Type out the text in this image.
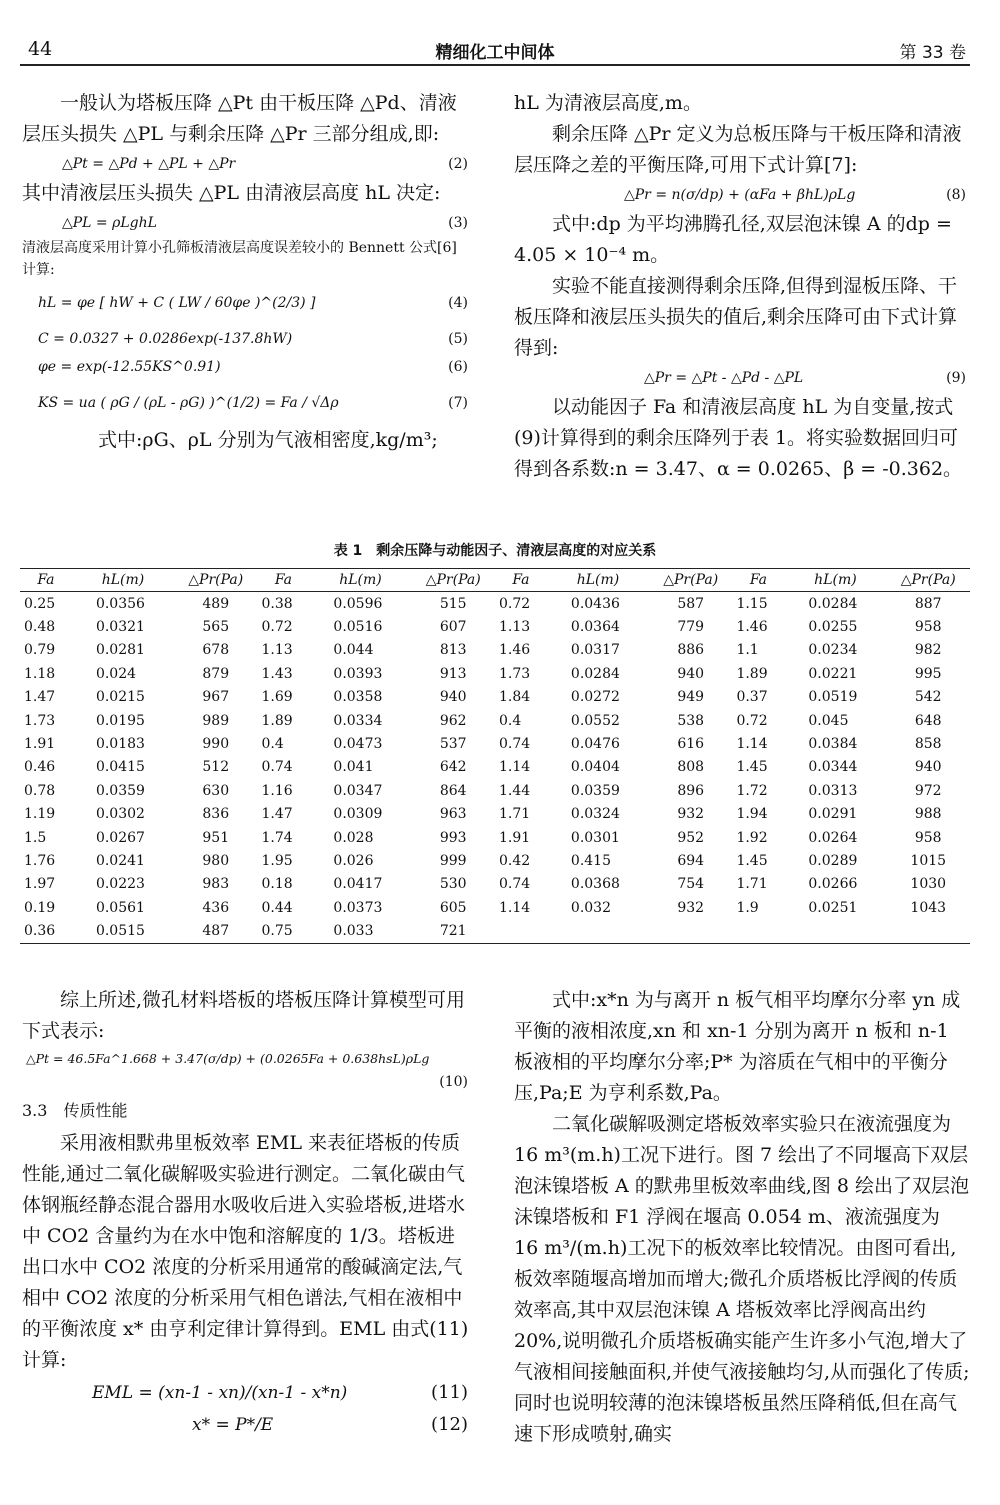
44	精细化工中间体	第 33 卷

一般认为塔板压降 △Pt 由干板压降 △Pd、清液层压头损失 △PL 与剩余压降 △Pr 三部分组成,即:

△Pt = △Pd + △PL + △Pr	(2)

其中清液层压头损失 △PL 由清液层高度 hL 决定:

△PL = ρLghL	(3)

清液层高度采用计算小孔筛板清液层高度误差较小的 Bennett 公式[6] 计算:

hL = φe [ hW + C ( LW / 60φe )^(2/3) ]	(4)
C = 0.0327 + 0.0286exp(-137.8hW)	(5)
φe = exp(-12.55KS^0.91)	(6)
KS = ua ( ρG / (ρL - ρG) )^(1/2) = Fa / √Δρ	(7)

式中:ρG、ρL 分别为气液相密度,kg/m³;

hL 为清液层高度,m。

剩余压降 △Pr 定义为总板压降与干板压降和清液层压降之差的平衡压降,可用下式计算[7]:

△Pr = n(σ/dp) + (αFa + βhL)ρLg	(8)

式中:dp 为平均沸腾孔径,双层泡沫镍 A 的dp = 4.05 × 10⁻⁴ m。

实验不能直接测得剩余压降,但得到湿板压降、干板压降和液层压头损失的值后,剩余压降可由下式计算得到:

△Pr = △Pt - △Pd - △PL	(9)

以动能因子 Fa 和清液层高度 hL 为自变量,按式(9)计算得到的剩余压降列于表 1。将实验数据回归可得到各系数:n = 3.47、α = 0.0265、β = -0.362。

表 1　剩余压降与动能因子、清液层高度的对应关系
Fa	hL(m)	△Pr(Pa)	Fa	hL(m)	△Pr(Pa)	Fa	hL(m)	△Pr(Pa)	Fa	hL(m)	△Pr(Pa)
0.25	0.0356	489	0.38	0.0596	515	0.72	0.0436	587	1.15	0.0284	887
0.48	0.0321	565	0.72	0.0516	607	1.13	0.0364	779	1.46	0.0255	958
0.79	0.0281	678	1.13	0.044	813	1.46	0.0317	886	1.1	0.0234	982
1.18	0.024	879	1.43	0.0393	913	1.73	0.0284	940	1.89	0.0221	995
1.47	0.0215	967	1.69	0.0358	940	1.84	0.0272	949	0.37	0.0519	542
1.73	0.0195	989	1.89	0.0334	962	0.4	0.0552	538	0.72	0.045	648
1.91	0.0183	990	0.4	0.0473	537	0.74	0.0476	616	1.14	0.0384	858
0.46	0.0415	512	0.74	0.041	642	1.14	0.0404	808	1.45	0.0344	940
0.78	0.0359	630	1.16	0.0347	864	1.44	0.0359	896	1.72	0.0313	972
1.19	0.0302	836	1.47	0.0309	963	1.71	0.0324	932	1.94	0.0291	988
1.5	0.0267	951	1.74	0.028	993	1.91	0.0301	952	1.92	0.0264	958
1.76	0.0241	980	1.95	0.026	999	0.42	0.415	694	1.45	0.0289	1015
1.97	0.0223	983	0.18	0.0417	530	0.74	0.0368	754	1.71	0.0266	1030
0.19	0.0561	436	0.44	0.0373	605	1.14	0.032	932	1.9	0.0251	1043
0.36	0.0515	487	0.75	0.033	721						

综上所述,微孔材料塔板的塔板压降计算模型可用下式表示:

△Pt = 46.5Fa^1.668 + 3.47(σ/dp) + (0.0265Fa + 0.638hsL)ρLg
(10)

3.3　传质性能

采用液相默弗里板效率 EML 来表征塔板的传质性能,通过二氧化碳解吸实验进行测定。二氧化碳由气体钢瓶经静态混合器用水吸收后进入实验塔板,进塔水中 CO2 含量约为在水中饱和溶解度的 1/3。塔板进出口水中 CO2 浓度的分析采用通常的酸碱滴定法,气相中 CO2 浓度的分析采用气相色谱法,气相在液相中的平衡浓度 x* 由亨利定律计算得到。EML 由式(11)计算:

EML = (xn-1 - xn)/(xn-1 - x*n)	(11)
x* = P*/E	(12)

式中:x*n 为与离开 n 板气相平均摩尔分率 yn 成平衡的液相浓度,xn 和 xn-1 分别为离开 n 板和 n-1 板液相的平均摩尔分率;P* 为溶质在气相中的平衡分压,Pa;E 为亨利系数,Pa。

二氧化碳解吸测定塔板效率实验只在液流强度为 16 m³(m.h)工况下进行。图 7 绘出了不同堰高下双层泡沫镍塔板 A 的默弗里板效率曲线,图 8 绘出了双层泡沫镍塔板和 F1 浮阀在堰高 0.054 m、液流强度为 16 m³/(m.h)工况下的板效率比较情况。由图可看出,板效率随堰高增加而增大;微孔介质塔板比浮阀的传质效率高,其中双层泡沫镍 A 塔板效率比浮阀高出约 20%,说明微孔介质塔板确实能产生许多小气泡,增大了气液相间接触面积,并使气液接触均匀,从而强化了传质;同时也说明较薄的泡沫镍塔板虽然压降稍低,但在高气速下形成喷射,确实
